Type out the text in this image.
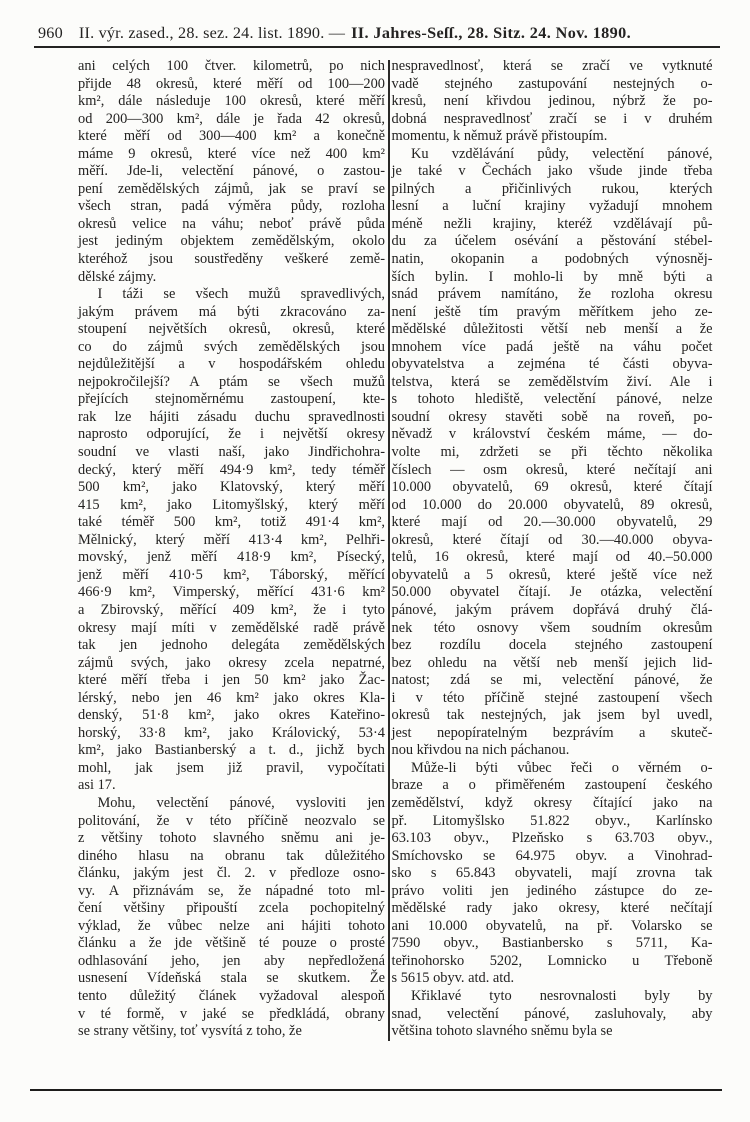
960 II. výr. zased., 28. sez. 24. list. 1890. — II. Jahres-Seſſ., 28. Sitz. 24. Nov. 1890.

ani celých 100 čtver. kilometrů, po nich
přijde 48 okresů, které měří od 100—200
km², dále následuje 100 okresů, které měří
od 200—300 km², dále je řada 42 okresů,
které měří od 300—400 km² a konečně
máme 9 okresů, které více než 400 km²
měří. Jde-li, velectění pánové, o zastou-
pení zemědělských zájmů, jak se praví se
všech stran, padá výměra půdy, rozloha
okresů velice na váhu; neboť právě půda
jest jediným objektem zemědělským, okolo
kteréhož jsou soustředěny veškeré země-
dělské zájmy.

I táži se všech mužů spravedlivých,
jakým právem má býti zkracováno za-
stoupení největších okresů, okresů, které
co do zájmů svých zemědělských jsou
nejdůležitější a v hospodářském ohledu
nejpokročilejší? A ptám se všech mužů
přejících stejnoměrnému zastoupení, kte-
rak lze hájiti zásadu duchu spravedlnosti
naprosto odporující, že i největší okresy
soudní ve vlasti naší, jako Jindřichohra-
decký, který měří 494·9 km², tedy téměř
500 km², jako Klatovský, který měří
415 km², jako Litomyšlský, který měří
také téměř 500 km², totiž 491·4 km²,
Mělnický, který měří 413·4 km², Pelhři-
movský, jenž měří 418·9 km², Písecký,
jenž měří 410·5 km², Táborský, měřící
466·9 km², Vimperský, měřící 431·6 km²
a Zbirovský, měřící 409 km², že i tyto
okresy mají míti v zemědělské radě právě
tak jen jednoho delegáta zemědělských
zájmů svých, jako okresy zcela nepatrné,
které měří třeba i jen 50 km² jako Žac-
lérský, nebo jen 46 km² jako okres Kla-
denský, 51·8 km², jako okres Kateřino-
horský, 33·8 km², jako Královický, 53·4
km², jako Bastianberský a t. d., jichž bych
mohl, jak jsem již pravil, vypočítati
asi 17.

Mohu, velectění pánové, vysloviti jen
politování, že v této příčině neozvalo se
z většiny tohoto slavného sněmu ani je-
diného hlasu na obranu tak důležitého
článku, jakým jest čl. 2. v předloze osno-
vy. A přiznávám se, že nápadné toto ml-
čení většiny připouští zcela pochopitelný
výklad, že vůbec nelze ani hájiti tohoto
článku a že jde většině té pouze o prosté
odhlasování jeho, jen aby nepředložená
usnesení Vídeňská stala se skutkem. Že
tento důležitý článek vyžadoval alespoň
v té formě, v jaké se předkládá, obrany
se strany většiny, toť vysvítá z toho, že

nespravedlnosť, která se zračí ve vytknuté
vadě stejného zastupování nestejných o-
kresů, není křivdou jedinou, nýbrž že po-
dobná nespravedlnosť zračí se i v druhém
momentu, k němuž právě přistoupím.

Ku vzdělávání půdy, velectění pánové,
je také v Čechách jako všude jinde třeba
pilných a přičinlivých rukou, kterých
lesní a luční krajiny vyžadují mnohem
méně nežli krajiny, kteréž vzdělávají pů-
du za účelem osévání a pěstování stébel-
natin, okopanin a podobných výnosněj-
ších bylin. I mohlo-li by mně býti a
snád právem namítáno, že rozloha okresu
není ještě tím pravým měřítkem jeho ze-
mědělské důležitosti větší neb menší a že
mnohem více padá ještě na váhu počet
obyvatelstva a zejména té části obyva-
telstva, která se zemědělstvím živí. Ale i
s tohoto hlediště, velectění pánové, nelze
soudní okresy stavěti sobě na roveň, po-
něvadž v království českém máme, — do-
volte mi, zdržeti se při těchto několika
číslech — osm okresů, které nečítají ani
10.000 obyvatelů, 69 okresů, které čítají
od 10.000 do 20.000 obyvatelů, 89 okresů,
které mají od 20.—30.000 obyvatelů, 29
okresů, které čítají od 30.—40.000 obyva-
telů, 16 okresů, které mají od 40.–50.000
obyvatelů a 5 okresů, které ještě více než
50.000 obyvatel čítají. Je otázka, velectění
pánové, jakým právem dopřává druhý člá-
nek této osnovy všem soudním okresům
bez rozdílu docela stejného zastoupení
bez ohledu na větší neb menší jejich lid-
natost; zdá se mi, velectění pánové, že
i v této příčině stejné zastoupení všech
okresů tak nestejných, jak jsem byl uvedl,
jest nepopíratelným bezprávím a skuteč-
nou křivdou na nich páchanou.

Může-li býti vůbec řeči o věrném o-
braze a o přiměřeném zastoupení českého
zemědělství, když okresy čítající jako na
př. Litomyšlsko 51.822 obyv., Karlínsko
63.103 obyv., Plzeňsko s 63.703 obyv.,
Smíchovsko se 64.975 obyv. a Vinohrad-
sko s 65.843 obyvateli, mají zrovna tak
právo voliti jen jediného zástupce do ze-
mědělské rady jako okresy, které nečítají
ani 10.000 obyvatelů, na př. Volarsko se
7590 obyv., Bastianbersko s 5711, Ka-
teřinohorsko 5202, Lomnicko u Třeboně
s 5615 obyv. atd. atd.

Křiklavé tyto nesrovnalosti byly by
snad, velectění pánové, zasluhovaly, aby
většina tohoto slavného sněmu byla se
